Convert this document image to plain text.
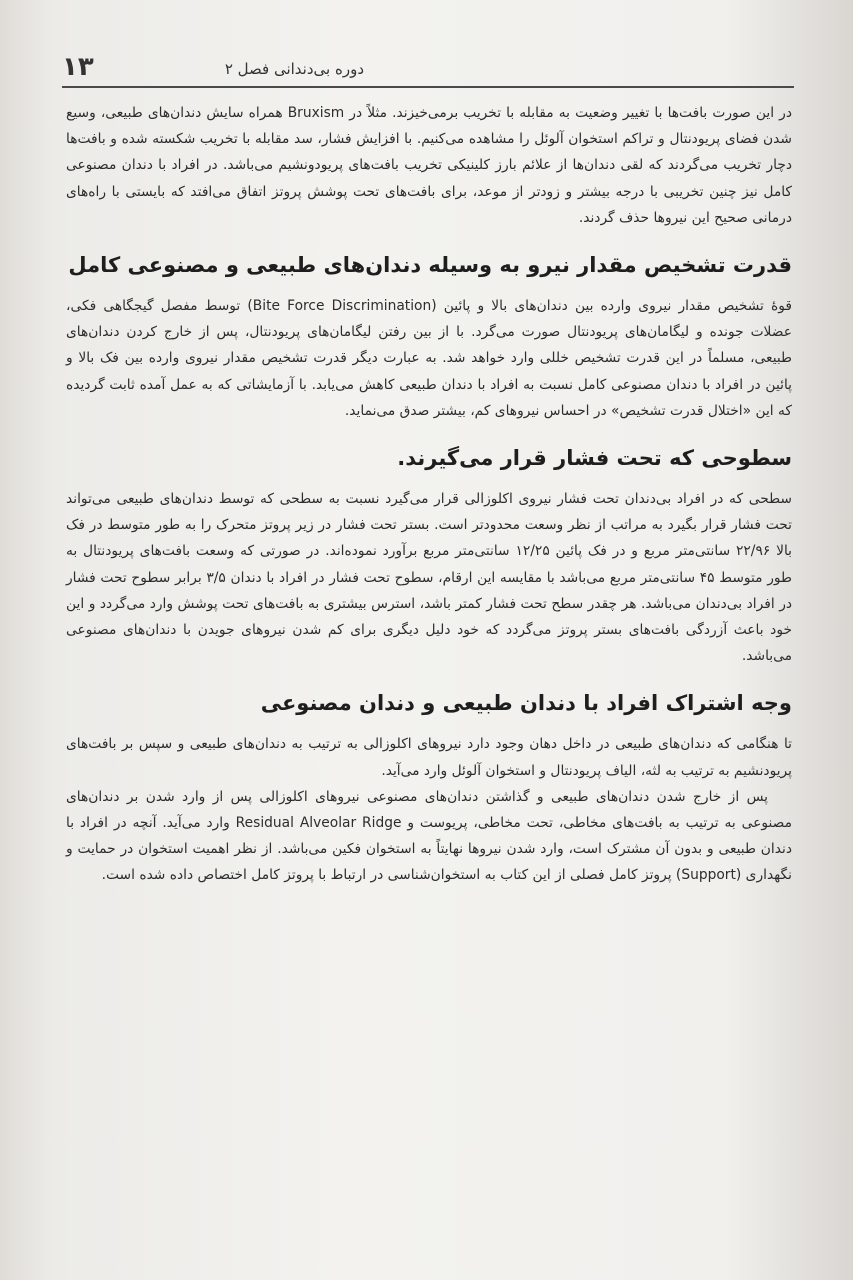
۱۳	دوره بی‌دندانی فصل ۲

در این صورت بافت‌ها با تغییر وضعیت به مقابله با تخریب برمی‌خیزند. مثلاً در Bruxism همراه سایش دندان‌های طبیعی، وسیع شدن فضای پریودنتال و تراکم استخوان آلوئل را مشاهده می‌کنیم. با افزایش فشار، سد مقابله با تخریب شکسته شده و بافت‌ها دچار تخریب می‌گردند که لقی دندان‌ها از علائم بارز کلینیکی تخریب بافت‌های پریودونشیم می‌باشد. در افراد با دندان مصنوعی کامل نیز چنین تخریبی با درجه بیشتر و زودتر از موعد، برای بافت‌های تحت پوشش پروتز اتفاق می‌افتد که بایستی با راه‌های درمانی صحیح این نیروها حذف گردند.

قدرت تشخیص مقدار نیرو به وسیله دندان‌های طبیعی و مصنوعی کامل

قوهٔ تشخیص مقدار نیروی وارده بین دندان‌های بالا و پائین (Bite Force Discrimination) توسط مفصل گیجگاهی فکی، عضلات جونده و لیگامان‌های پریودنتال صورت می‌گرد. با از بین رفتن لیگامان‌های پریودنتال، پس از خارج کردن دندان‌های طبیعی، مسلماً در این قدرت تشخیص خللی وارد خواهد شد. به عبارت دیگر قدرت تشخیص مقدار نیروی وارده بین فک بالا و پائین در افراد با دندان مصنوعی کامل نسبت به افراد با دندان طبیعی کاهش می‌یابد. با آزمایشاتی که به عمل آمده ثابت گردیده که این «اختلال قدرت تشخیص» در احساس نیروهای کم، بیشتر صدق می‌نماید.

سطوحی که تحت فشار قرار می‌گیرند.

سطحی که در افراد بی‌دندان تحت فشار نیروی اکلوزالی قرار می‌گیرد نسبت به سطحی که توسط دندان‌های طبیعی می‌تواند تحت فشار قرار بگیرد به مراتب از نظر وسعت محدودتر است. بستر تحت فشار در زیر پروتز متحرک را به طور متوسط در فک بالا ۲۲/۹۶ سانتی‌متر مربع و در فک پائین ۱۲/۲۵ سانتی‌متر مربع برآورد نموده‌اند. در صورتی که وسعت بافت‌های پریودنتال به طور متوسط ۴۵ سانتی‌متر مربع می‌باشد با مقایسه این ارقام، سطوح تحت فشار در افراد با دندان ۳/۵ برابر سطوح تحت فشار در افراد بی‌دندان می‌باشد. هر چقدر سطح تحت فشار کمتر باشد، استرس بیشتری به بافت‌های تحت پوشش وارد می‌گردد و این خود باعث آزردگی بافت‌های بستر پروتز می‌گردد که خود دلیل دیگری برای کم شدن نیروهای جویدن با دندان‌های مصنوعی می‌باشد.

وجه اشتراک افراد با دندان طبیعی و دندان مصنوعی

تا هنگامی که دندان‌های طبیعی در داخل دهان وجود دارد نیروهای اکلوزالی به ترتیب به دندان‌های طبیعی و سپس بر بافت‌های پریودنشیم به ترتیب به لثه، الیاف پریودنتال و استخوان آلوئل وارد می‌آید.

پس از خارج شدن دندان‌های طبیعی و گذاشتن دندان‌های مصنوعی نیروهای اکلوزالی پس از وارد شدن بر دندان‌های مصنوعی به ترتیب به بافت‌های مخاطی، تحت مخاطی، پریوست و Residual Alveolar Ridge وارد می‌آید. آنچه در افراد با دندان طبیعی و بدون آن مشترک است، وارد شدن نیروها نهایتاً به استخوان فکین می‌باشد. از نظر اهمیت استخوان در حمایت و نگهداری (Support) پروتز کامل فصلی از این کتاب به استخوان‌شناسی در ارتباط با پروتز کامل اختصاص داده شده است.
